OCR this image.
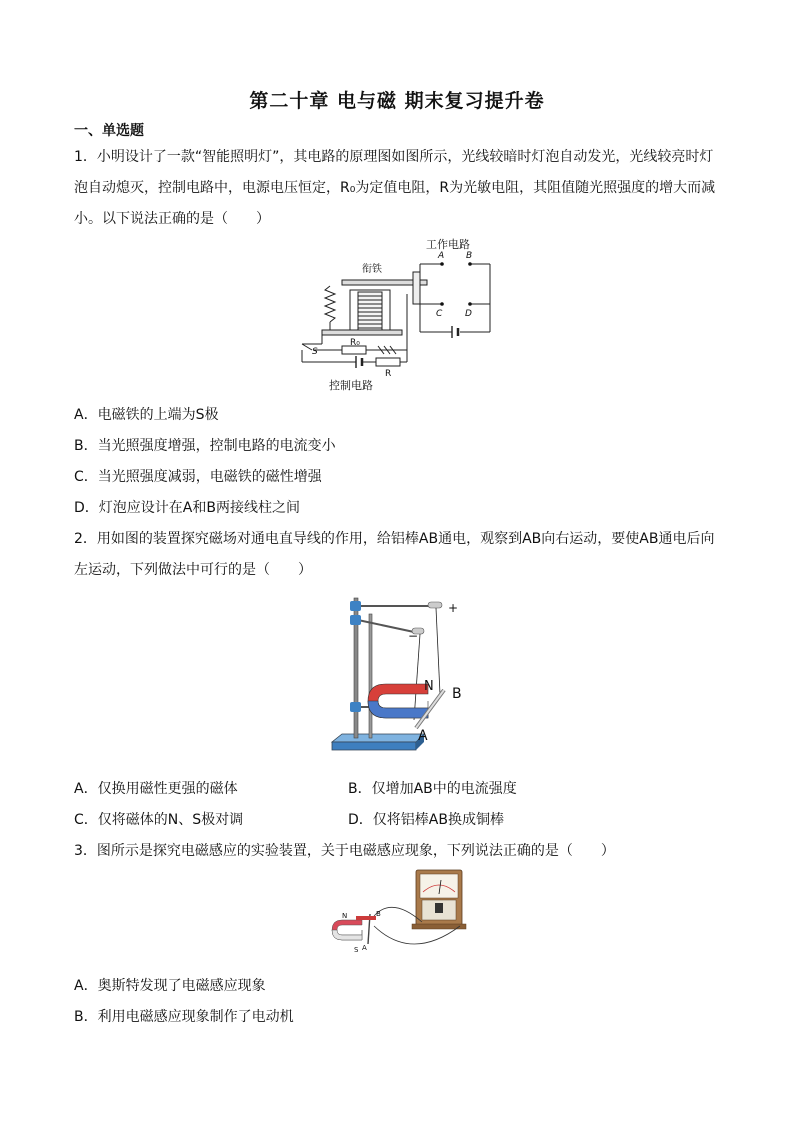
第二十章 电与磁 期末复习提升卷
一、单选题
1．小明设计了一款“智能照明灯”，其电路的原理图如图所示，光线较暗时灯泡自动发光，光线较亮时灯泡自动熄灭，控制电路中，电源电压恒定，R₀为定值电阻，R为光敏电阻，其阻值随光照强度的增大而减小。以下说法正确的是（　　）
工作电路
衔铁
控制电路
A B
C	D
S
R₀
R
A．电磁铁的上端为S极
B．当光照强度增强，控制电路的电流变小
C．当光照强度减弱，电磁铁的磁性增强
D．灯泡应设计在A和B两接线柱之间
2．用如图的装置探究磁场对通电直导线的作用，给铝棒AB通电，观察到AB向右运动，要使AB通电后向左运动，下列做法中可行的是（　　）
+
−
N B
A
A．仅换用磁性更强的磁体	B．仅增加AB中的电流强度
C．仅将磁体的N、S极对调	D．仅将铝棒AB换成铜棒
3．图所示是探究电磁感应的实验装置，关于电磁感应现象，下列说法正确的是（　　）
N
S
B
A
A．奥斯特发现了电磁感应现象
B．利用电磁感应现象制作了电动机
